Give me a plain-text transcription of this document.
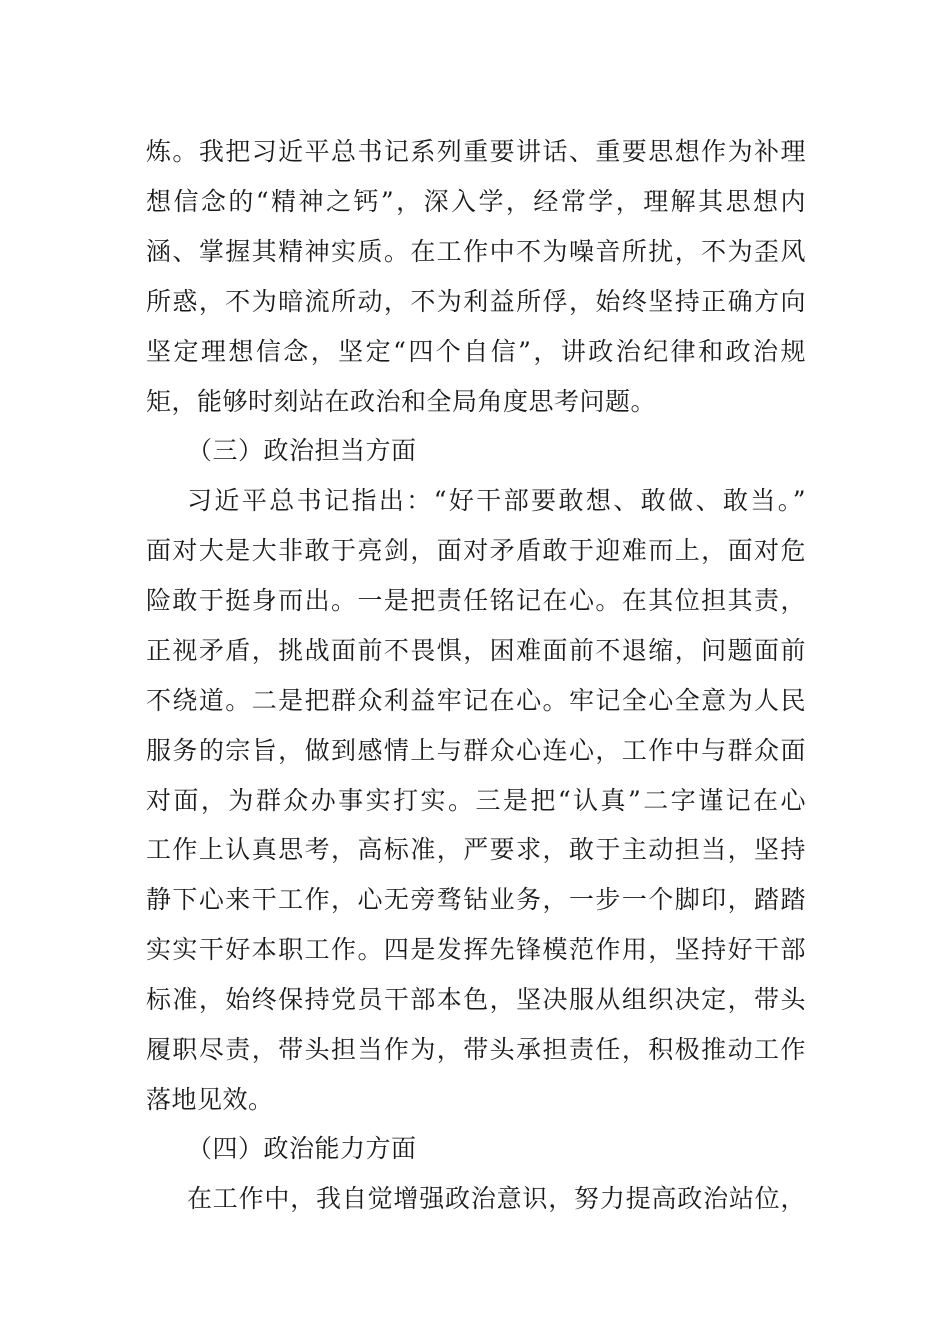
炼。我把习近平总书记系列重要讲话、重要思想作为补理
想信念的“精神之钙”，深入学，经常学，理解其思想内
涵、掌握其精神实质。在工作中不为噪音所扰，不为歪风
所惑，不为暗流所动，不为利益所俘，始终坚持正确方向
坚定理想信念，坚定“四个自信”，讲政治纪律和政治规
矩，能够时刻站在政治和全局角度思考问题。
（三）政治担当方面
习近平总书记指出：“好干部要敢想、敢做、敢当。”
面对大是大非敢于亮剑，面对矛盾敢于迎难而上，面对危
险敢于挺身而出。一是把责任铭记在心。在其位担其责，
正视矛盾，挑战面前不畏惧，困难面前不退缩，问题面前
不绕道。二是把群众利益牢记在心。牢记全心全意为人民
服务的宗旨，做到感情上与群众心连心，工作中与群众面
对面，为群众办事实打实。三是把“认真”二字谨记在心
工作上认真思考，高标准，严要求，敢于主动担当，坚持
静下心来干工作，心无旁骛钻业务，一步一个脚印，踏踏
实实干好本职工作。四是发挥先锋模范作用，坚持好干部
标准，始终保持党员干部本色，坚决服从组织决定，带头
履职尽责，带头担当作为，带头承担责任，积极推动工作
落地见效。
（四）政治能力方面
在工作中，我自觉增强政治意识，努力提高政治站位，
